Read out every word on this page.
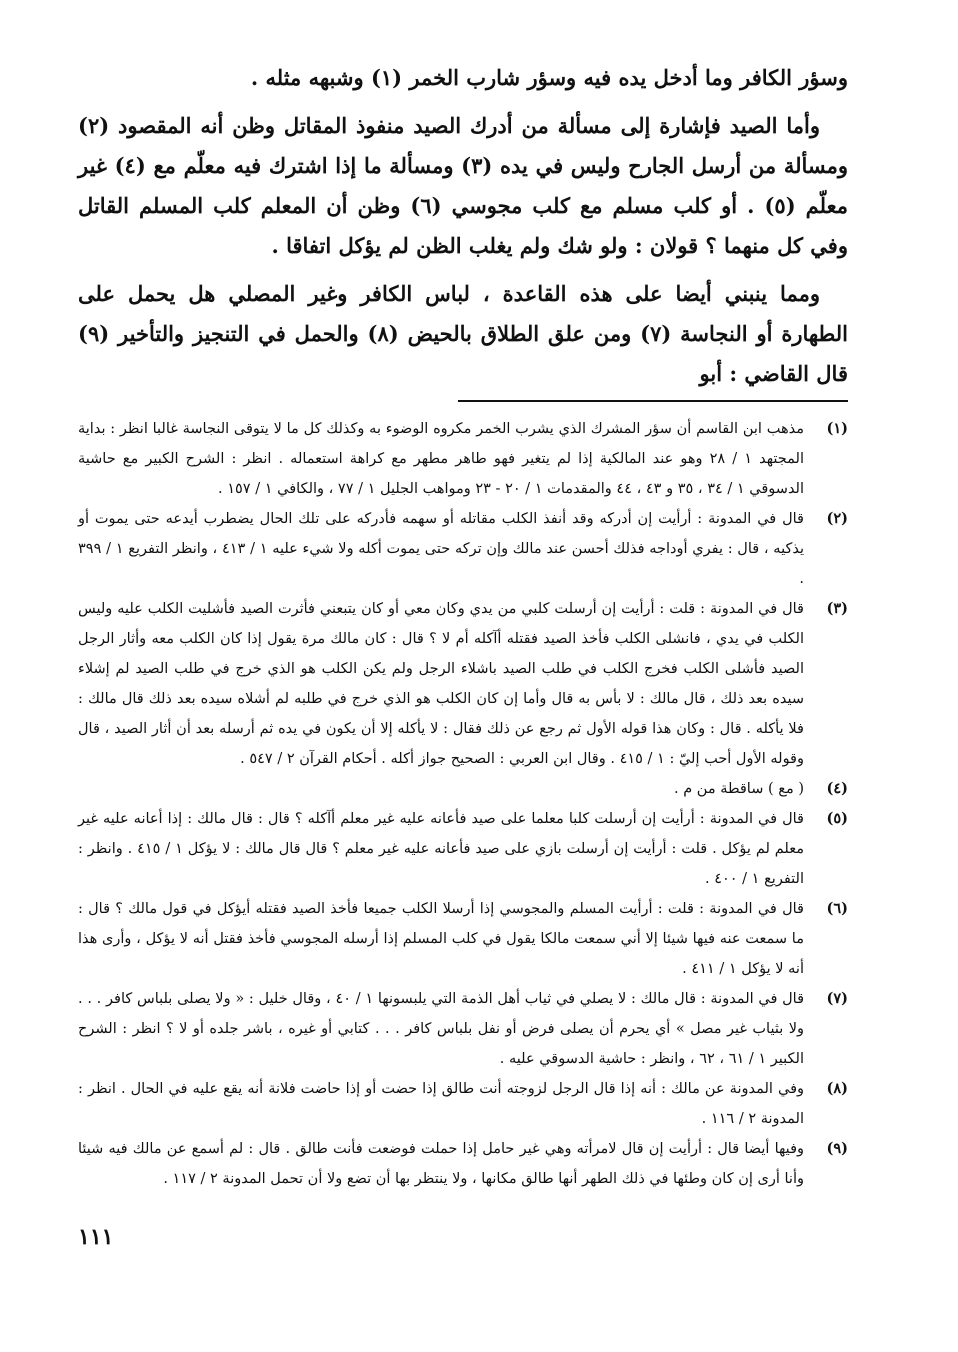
وسؤر الكافر وما أدخل يده فيه وسؤر شارب الخمر (١) وشبهه مثله .

وأما الصيد فإشارة إلى مسألة من أدرك الصيد منفوذ المقاتل وظن أنه المقصود (٢) ومسألة من أرسل الجارح وليس في يده (٣) ومسألة ما إذا اشترك فيه معلّم مع (٤) غير معلّم (٥) . أو كلب مسلم مع كلب مجوسي (٦) وظن أن المعلم كلب المسلم القاتل وفي كل منهما ؟ قولان : ولو شك ولم يغلب الظن لم يؤكل اتفاقا .

ومما ينبني أيضا على هذه القاعدة ، لباس الكافر وغير المصلي هل يحمل على الطهارة أو النجاسة (٧) ومن علق الطلاق بالحيض (٨) والحمل في التنجيز والتأخير (٩) قال القاضي : أبو

(١)
مذهب ابن القاسم أن سؤر المشرك الذي يشرب الخمر مكروه الوضوء به وكذلك كل ما لا يتوقى النجاسة غالبا انظر : بداية المجتهد ١ / ٢٨ وهو عند المالكية إذا لم يتغير فهو طاهر مطهر مع كراهة استعماله . انظر : الشرح الكبير مع حاشية الدسوقي ١ / ٣٤ ، ٣٥ و ٤٣ ، ٤٤ والمقدمات ١ / ٢٠ - ٢٣ ومواهب الجليل ١ / ٧٧ ، والكافي ١ / ١٥٧ .
(٢)
قال في المدونة : أرأيت إن أدركه وقد أنفذ الكلب مقاتله أو سهمه فأدركه على تلك الحال يضطرب أيدعه حتى يموت أو يذكيه ، قال : يفري أوداجه فذلك أحسن عند مالك وإن تركه حتى يموت أكله ولا شيء عليه ١ / ٤١٣ ، وانظر التفريع ١ / ٣٩٩ .
(٣)
قال في المدونة : قلت : أرأيت إن أرسلت كلبي من يدي وكان معي أو كان يتبعني فأثرت الصيد فأشليت الكلب عليه وليس الكلب في يدي ، فانشلى الكلب فأخذ الصيد فقتله أآكله أم لا ؟ قال : كان مالك مرة يقول إذا كان الكلب معه وأثار الرجل الصيد فأشلى الكلب فخرج الكلب في طلب الصيد باشلاء الرجل ولم يكن الكلب هو الذي خرج في طلب الصيد لم إشلاء سيده بعد ذلك ، قال مالك : لا بأس به قال وأما إن كان الكلب هو الذي خرج في طلبه لم أشلاه سيده بعد ذلك قال مالك : فلا يأكله . قال : وكان هذا قوله الأول ثم رجع عن ذلك فقال : لا يأكله إلا أن يكون في يده ثم أرسله بعد أن أثار الصيد ، قال وقوله الأول أحب إليّ : ١ / ٤١٥ . وقال ابن العربي : الصحيح جواز أكله . أحكام القرآن ٢ / ٥٤٧ .
(٤)
( مع ) ساقطة من م .
(٥)
قال في المدونة : أرأيت إن أرسلت كلبا معلما على صيد فأعانه عليه غير معلم أآكله ؟ قال : قال مالك : إذا أعانه عليه غير معلم لم يؤكل . قلت : أرأيت إن أرسلت بازي على صيد فأعانه عليه غير معلم ؟ قال قال مالك : لا يؤكل ١ / ٤١٥ . وانظر : التفريع ١ / ٤٠٠ .
(٦)
قال في المدونة : قلت : أرأيت المسلم والمجوسي إذا أرسلا الكلب جميعا فأخذ الصيد فقتله أيؤكل في قول مالك ؟ قال : ما سمعت عنه فيها شيئا إلا أني سمعت مالكا يقول في كلب المسلم إذا أرسله المجوسي فأخذ فقتل أنه لا يؤكل ، وأرى هذا أنه لا يؤكل ١ / ٤١١ .
(٧)
قال في المدونة : قال مالك : لا يصلي في ثياب أهل الذمة التي يلبسونها ١ / ٤٠ ، وقال خليل : « ولا يصلى بلباس كافر . . . ولا بثياب غير مصل » أي يحرم أن يصلى فرض أو نفل بلباس كافر . . . كتابي أو غيره ، باشر جلده أو لا ؟ انظر : الشرح الكبير ١ / ٦١ ، ٦٢ ، وانظر : حاشية الدسوقي عليه .
(٨)
وفي المدونة عن مالك : أنه إذا قال الرجل لزوجته أنت طالق إذا حضت أو إذا حاضت فلانة أنه يقع عليه في الحال . انظر : المدونة ٢ / ١١٦ .
(٩)
وفيها أيضا قال : أرأيت إن قال لامرأته وهي غير حامل إذا حملت فوضعت فأنت طالق . قال : لم أسمع عن مالك فيه شيئا وأنا أرى إن كان وطئها في ذلك الطهر أنها طالق مكانها ، ولا ينتظر بها أن تضع ولا أن تحمل المدونة ٢ / ١١٧ .
١١١
